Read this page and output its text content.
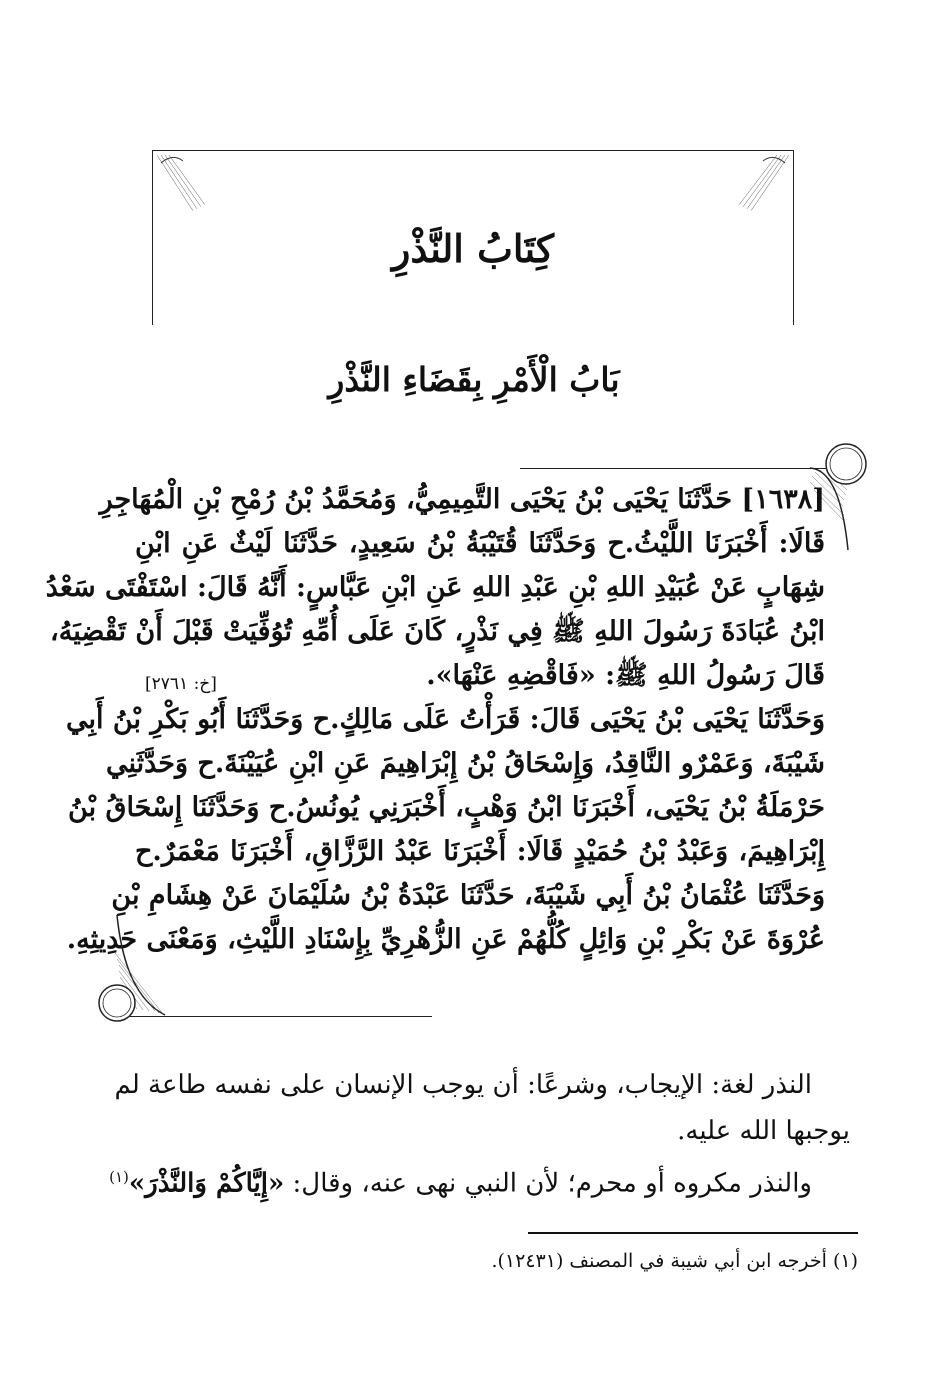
كِتَابُ النَّذْرِ
بَابُ الْأَمْرِ بِقَضَاءِ النَّذْرِ
[١٦٣٨] حَدَّثَنَا يَحْيَى بْنُ يَحْيَى التَّمِيمِيُّ، وَمُحَمَّدُ بْنُ رُمْحِ بْنِ الْمُهَاجِرِ
قَالَا: أَخْبَرَنَا اللَّيْثُ.ح وَحَدَّثَنَا قُتَيْبَةُ بْنُ سَعِيدٍ، حَدَّثَنَا لَيْثٌ عَنِ ابْنِ
شِهَابٍ عَنْ عُبَيْدِ اللهِ بْنِ عَبْدِ اللهِ عَنِ ابْنِ عَبَّاسٍ: أَنَّهُ قَالَ: اسْتَفْتَى سَعْدُ
ابْنُ عُبَادَةَ رَسُولَ اللهِ ﷺ فِي نَذْرٍ، كَانَ عَلَى أُمِّهِ تُوُفِّيَتْ قَبْلَ أَنْ تَقْضِيَهُ،
قَالَ رَسُولُ اللهِ ﷺ: «فَاقْضِهِ عَنْهَا».
وَحَدَّثَنَا يَحْيَى بْنُ يَحْيَى قَالَ: قَرَأْتُ عَلَى مَالِكٍ.ح وَحَدَّثَنَا أَبُو بَكْرِ بْنُ أَبِي
شَيْبَةَ، وَعَمْرٌو النَّاقِدُ، وَإِسْحَاقُ بْنُ إِبْرَاهِيمَ عَنِ ابْنِ عُيَيْنَةَ.ح وَحَدَّثَنِي
حَرْمَلَةُ بْنُ يَحْيَى، أَخْبَرَنَا ابْنُ وَهْبٍ، أَخْبَرَنِي يُونُسُ.ح وَحَدَّثَنَا إِسْحَاقُ بْنُ
إِبْرَاهِيمَ، وَعَبْدُ بْنُ حُمَيْدٍ قَالَا: أَخْبَرَنَا عَبْدُ الرَّزَّاقِ، أَخْبَرَنَا مَعْمَرٌ.ح
وَحَدَّثَنَا عُثْمَانُ بْنُ أَبِي شَيْبَةَ، حَدَّثَنَا عَبْدَةُ بْنُ سُلَيْمَانَ عَنْ هِشَامِ بْنِ
عُرْوَةَ عَنْ بَكْرِ بْنِ وَائِلٍ كُلُّهُمْ عَنِ الزُّهْرِيِّ بِإِسْنَادِ اللَّيْثِ، وَمَعْنَى حَدِيثِهِ.
[خ: ٢٧٦١]

النذر لغة: الإيجاب، وشرعًا: أن يوجب الإنسان على نفسه طاعة لم

يوجبها الله عليه.

والنذر مكروه أو محرم؛ لأن النبي نهى عنه، وقال: «إِيَّاكُمْ وَالنَّذْرَ»$^{(١)}$

(١) أخرجه ابن أبي شيبة في المصنف (١٢٤٣١).
